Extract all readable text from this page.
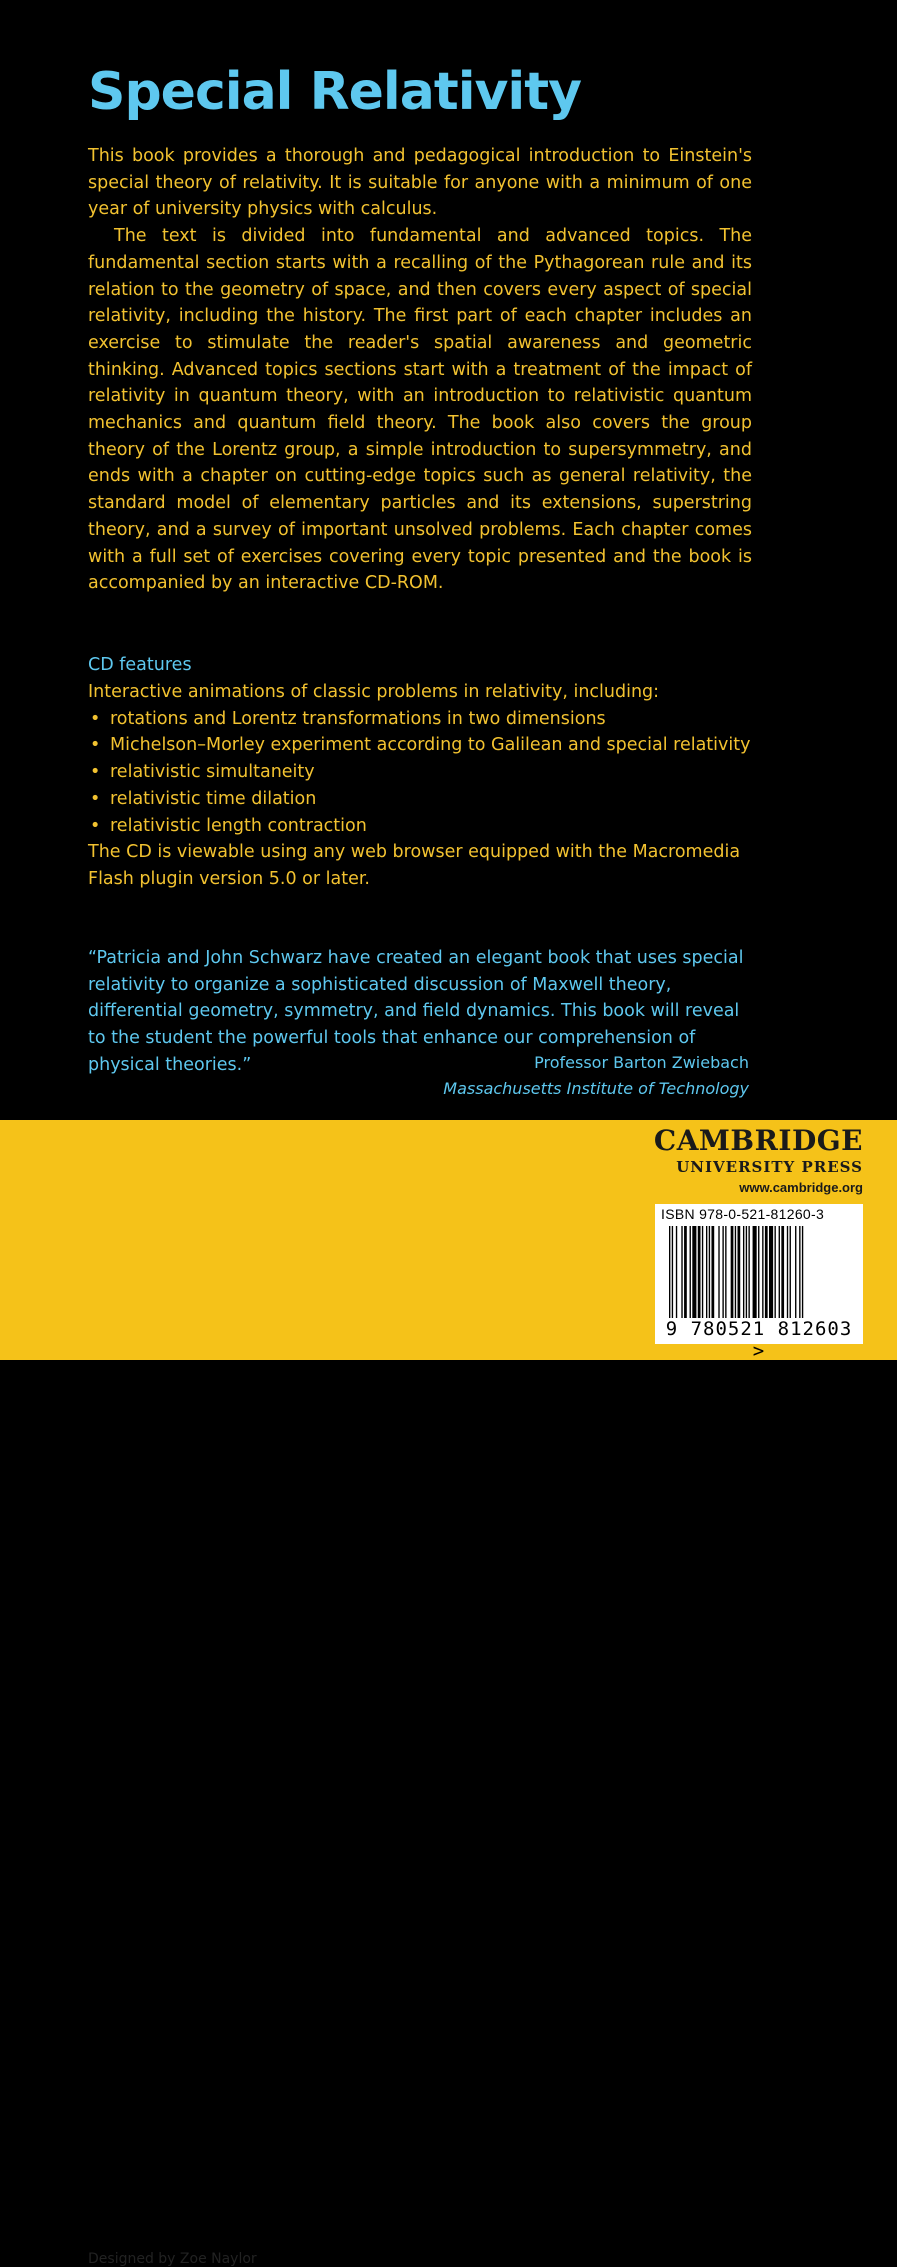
Special Relativity

This book provides a thorough and pedagogical introduction to Einstein's special theory of relativity. It is suitable for anyone with a minimum of one year of university physics with calculus.

The text is divided into fundamental and advanced topics. The fundamental section starts with a recalling of the Pythagorean rule and its relation to the geometry of space, and then covers every aspect of special relativity, including the history. The first part of each chapter includes an exercise to stimulate the reader's spatial awareness and geometric thinking. Advanced topics sections start with a treatment of the impact of relativity in quantum theory, with an introduction to relativistic quantum mechanics and quantum field theory. The book also covers the group theory of the Lorentz group, a simple introduction to supersymmetry, and ends with a chapter on cutting-edge topics such as general relativity, the standard model of elementary particles and its extensions, superstring theory, and a survey of important unsolved problems. Each chapter comes with a full set of exercises covering every topic presented and the book is accompanied by an interactive CD-ROM.

CD features

Interactive animations of classic problems in relativity, including:

• rotations and Lorentz transformations in two dimensions
• Michelson–Morley experiment according to Galilean and special relativity
• relativistic simultaneity
• relativistic time dilation
• relativistic length contraction

The CD is viewable using any web browser equipped with the Macromedia Flash plugin version 5.0 or later.

“Patricia and John Schwarz have created an elegant book that uses special relativity to organize a sophisticated discussion of Maxwell theory, differential geometry, symmetry, and field dynamics. This book will reveal to the student the powerful tools that enhance our comprehension of physical theories.”	Professor Barton Zwiebach
Massachusetts Institute of Technology

Designed by Zoe Naylor

CAMBRIDGE
UNIVERSITY PRESS
www.cambridge.org
ISBN 978-0-521-81260-3
9 780521 812603 >
